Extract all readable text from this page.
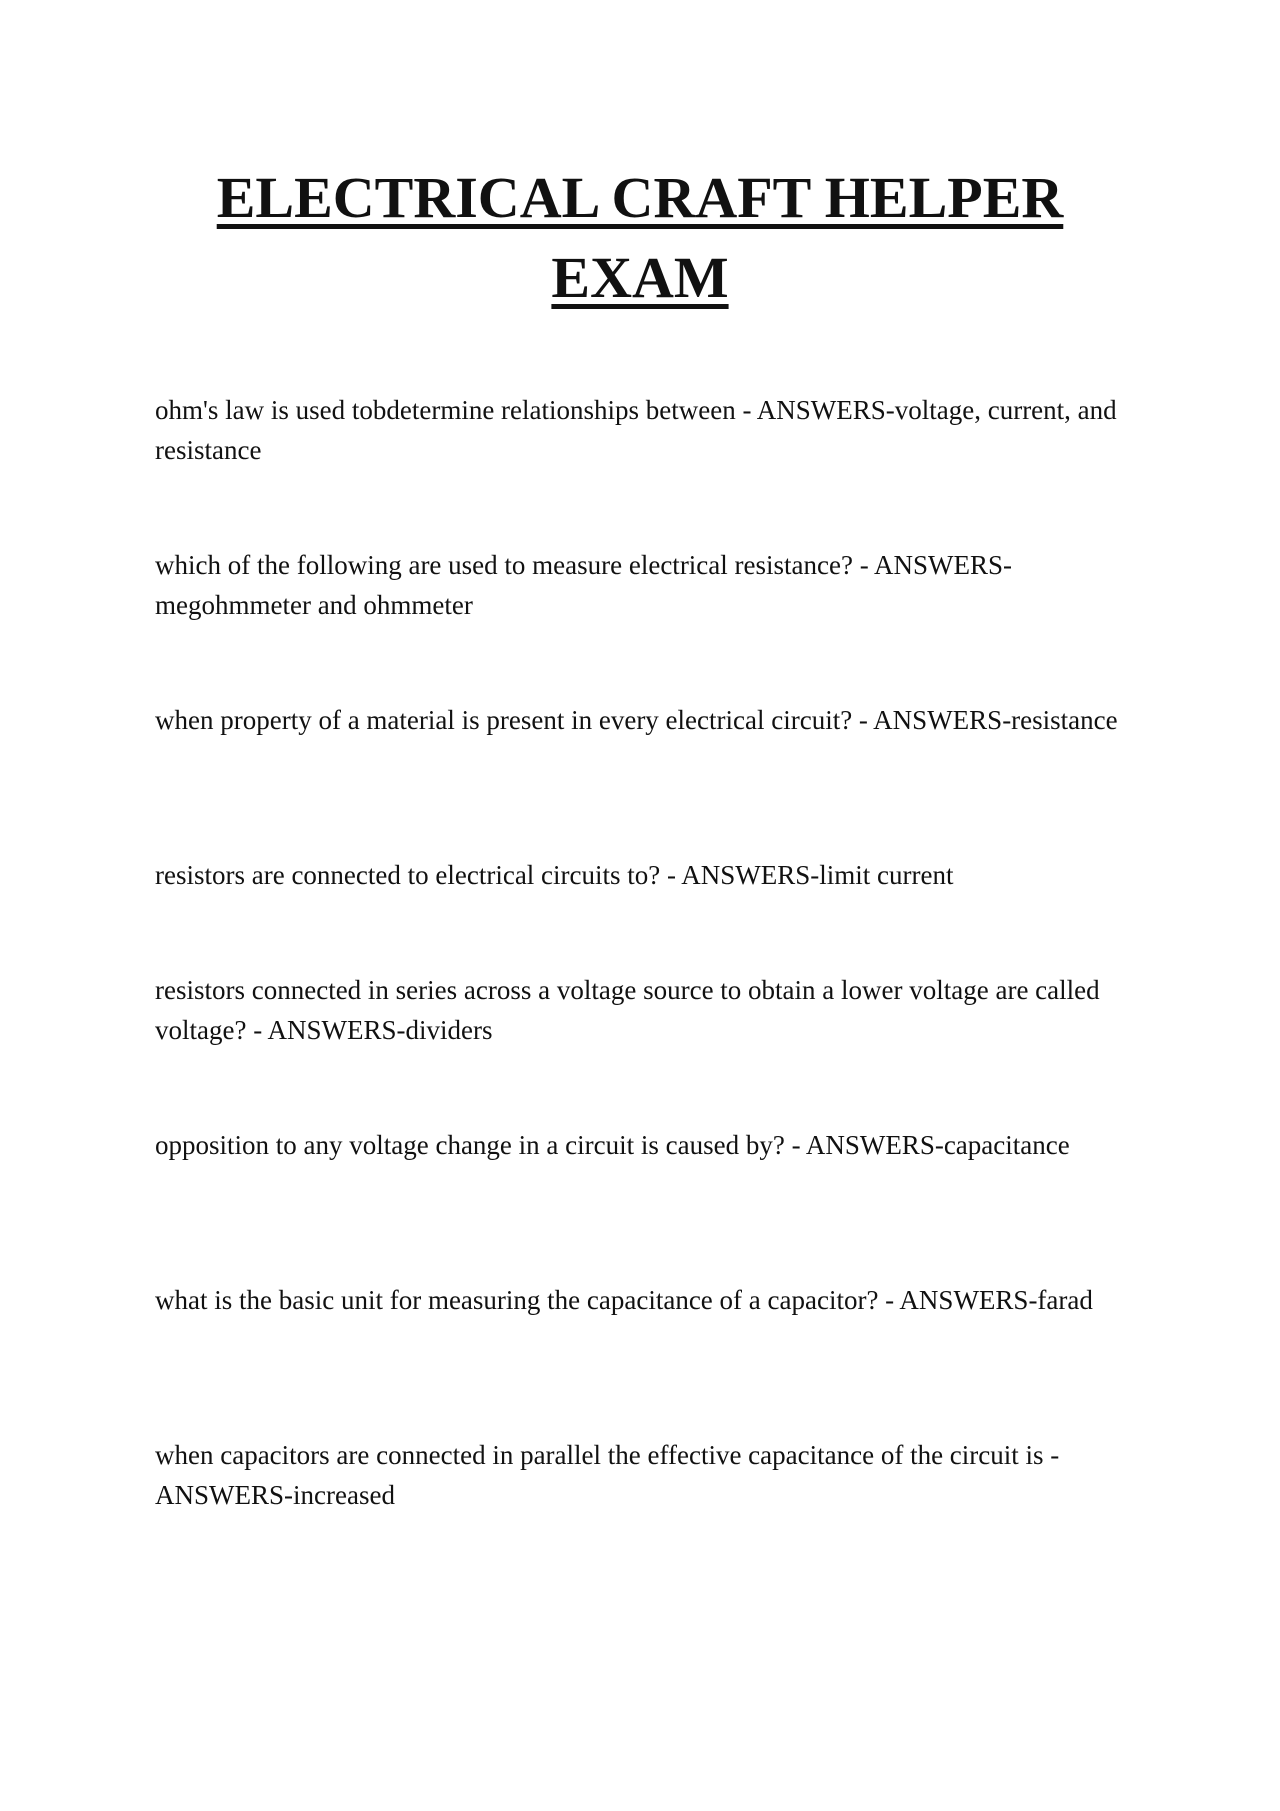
ELECTRICAL CRAFT HELPER EXAM
ohm's law is used tobdetermine relationships between - ANSWERS-voltage, current, and resistance
which of the following are used to measure electrical resistance? - ANSWERS-megohmmeter and ohmmeter
when property of a material is present in every electrical circuit? - ANSWERS-resistance
resistors are connected to electrical circuits to? - ANSWERS-limit current
resistors connected in series across a voltage source to obtain a lower voltage are called voltage? - ANSWERS-dividers
opposition to any voltage change in a circuit is caused by? - ANSWERS-capacitance
what is the basic unit for measuring the capacitance of a capacitor? - ANSWERS-farad
when capacitors are connected in parallel the effective capacitance of the circuit is - ANSWERS-increased
